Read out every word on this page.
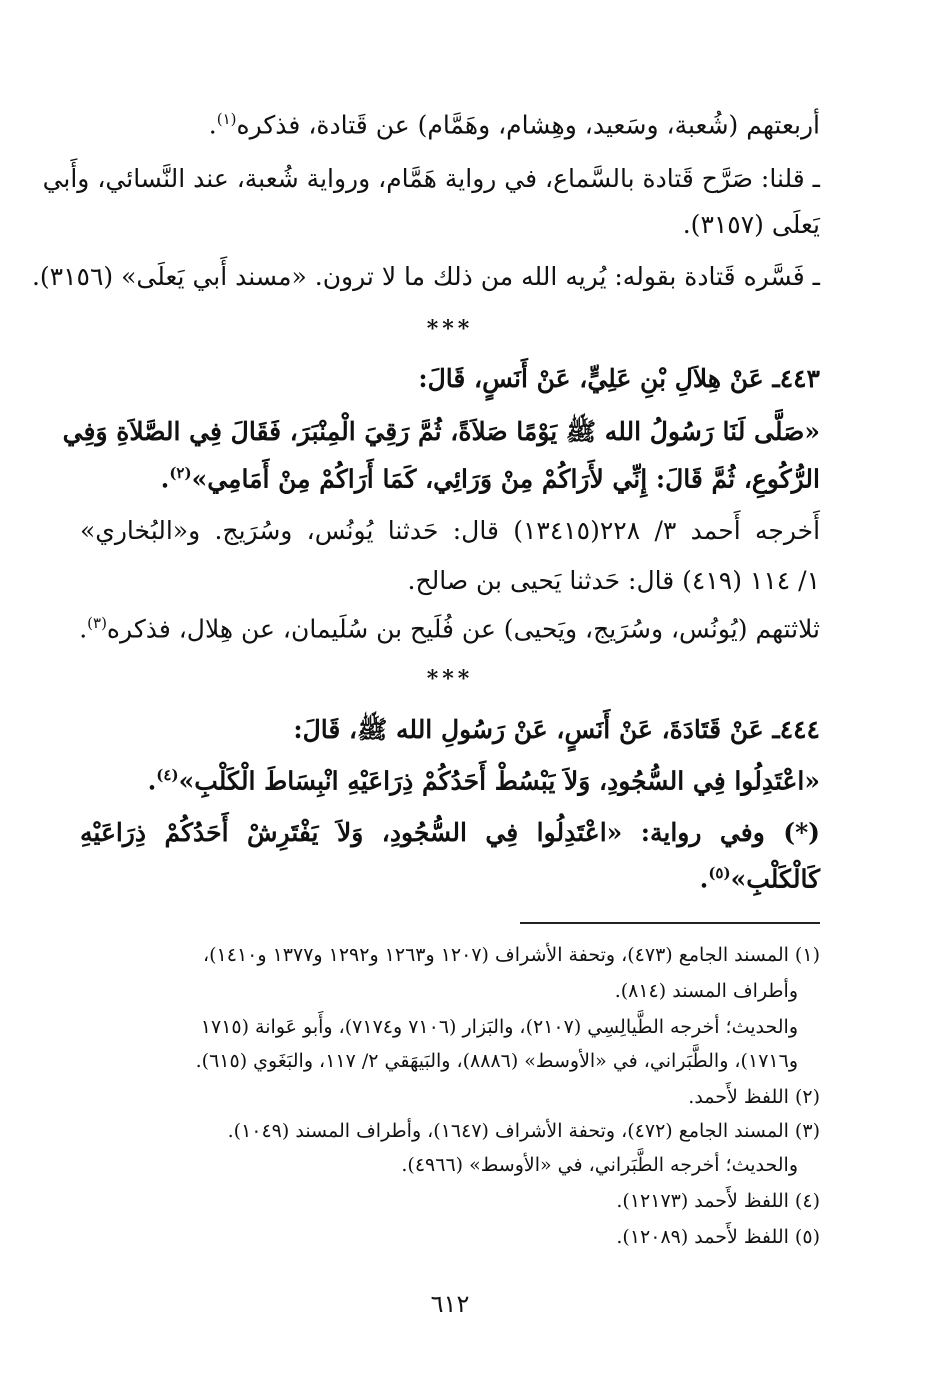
أربعتهم (شُعبة، وسَعيد، وهِشام، وهَمَّام) عن قَتادة، فذكره$^{(١)}$.
ـ قلنا: صَرَّح قَتادة بالسَّماع، في رواية هَمَّام، ورواية شُعبة، عند النَّسائي، وأَبي
يَعلَى (٣١٥٧).
ـ فَسَّره قَتادة بقوله: يُريه الله من ذلك ما لا ترون. «مسند أَبي يَعلَى» (٣١٥٦).
***
٤٤٣ـ عَنْ هِلاَلِ بْنِ عَلِيٍّ، عَنْ أَنَسٍ، قَالَ:
«صَلَّى لَنَا رَسُولُ الله ﷺ يَوْمًا صَلاَةً، ثُمَّ رَقِيَ الْمِنْبَرَ، فَقَالَ فِي الصَّلاَةِ وَفِي
الرُّكُوعِ، ثُمَّ قَالَ: إِنِّي لأَرَاكُمْ مِنْ وَرَائِي، كَمَا أَرَاكُمْ مِنْ أَمَامِي»$^{(٢)}$.
أَخرجه أَحمد ٣/ ٢٢٨(١٣٤١٥) قال: حَدثنا يُونُس، وسُرَيج. و«البُخاري»
١/ ١١٤ (٤١٩) قال: حَدثنا يَحيى بن صالح.
ثلاثتهم (يُونُس، وسُرَيج، ويَحيى) عن فُلَيح بن سُلَيمان، عن هِلال، فذكره$^{(٣)}$.
***
٤٤٤ـ عَنْ قَتَادَةَ، عَنْ أَنَسٍ، عَنْ رَسُولِ الله ﷺ، قَالَ:
«اعْتَدِلُوا فِي السُّجُودِ، وَلاَ يَبْسُطْ أَحَدُكُمْ ذِرَاعَيْهِ انْبِسَاطَ الْكَلْبِ»$^{(٤)}$.
(*) وفي رواية: «اعْتَدِلُوا فِي السُّجُودِ، وَلاَ يَفْتَرِشْ أَحَدُكُمْ ذِرَاعَيْهِ
كَالْكَلْبِ»$^{(٥)}$.
(١) المسند الجامع (٤٧٣)، وتحفة الأشراف (١٢٠٧ و١٢٦٣ و١٢٩٢ و١٣٧٧ و١٤١٠)،
وأطراف المسند (٨١٤).
والحديث؛ أخرجه الطَّيالِسِي (٢١٠٧)، والبَزار (٧١٠٦ و٧١٧٤)، وأَبو عَوانة (١٧١٥
و١٧١٦)، والطَّبَراني، في «الأوسط» (٨٨٨٦)، والبَيهَقي ٢/ ١١٧، والبَغَوي (٦١٥).
(٢) اللفظ لأَحمد.
(٣) المسند الجامع (٤٧٢)، وتحفة الأشراف (١٦٤٧)، وأطراف المسند (١٠٤٩).
والحديث؛ أخرجه الطَّبَراني، في «الأوسط» (٤٩٦٦).
(٤) اللفظ لأَحمد (١٢١٧٣).
(٥) اللفظ لأَحمد (١٢٠٨٩).
٦١٢
